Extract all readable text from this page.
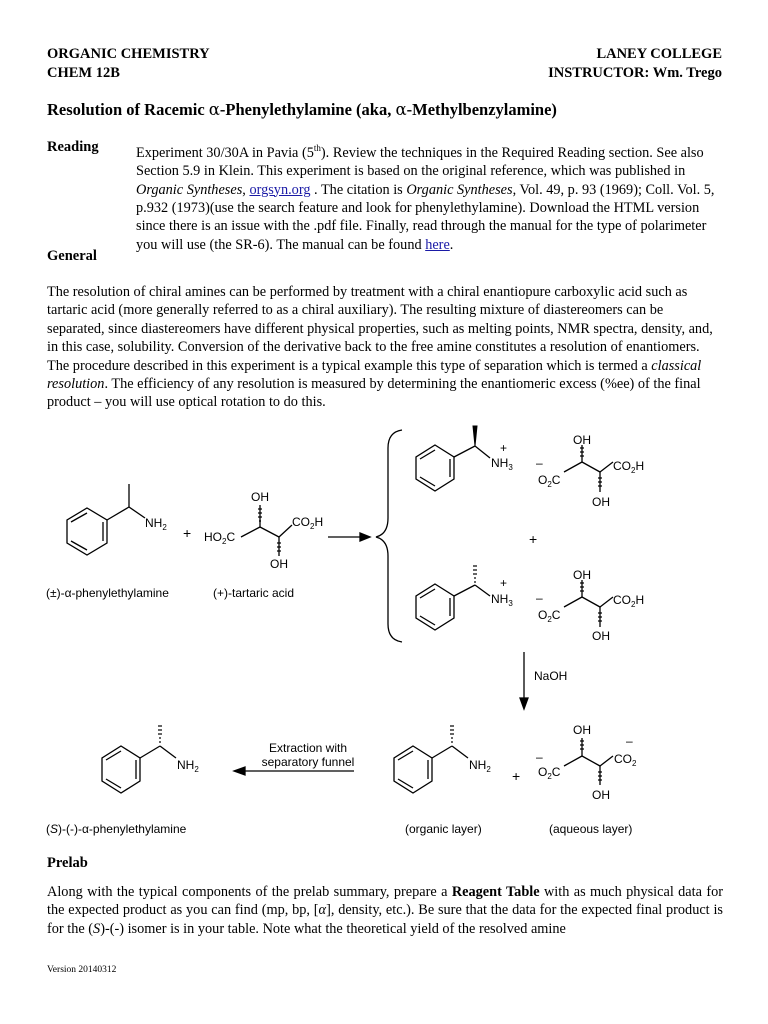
ORGANIC CHEMISTRY
CHEM 12B
LANEY COLLEGE
INSTRUCTOR: Wm. Trego
Resolution of Racemic α-Phenylethylamine (aka, α-Methylbenzylamine)
Reading	Experiment 30/30A in Pavia (5th). Review the techniques in the Required Reading section. See also Section 5.9 in Klein. This experiment is based on the original reference, which was published in Organic Syntheses, orgsyn.org . The citation is Organic Syntheses, Vol. 49, p. 93 (1969); Coll. Vol. 5, p.932 (1973)(use the search feature and look for phenylethylamine). Download the HTML version since there is an issue with the .pdf file. Finally, read through the manual for the type of polarimeter you will use (the SR-6). The manual can be found here.
General
The resolution of chiral amines can be performed by treatment with a chiral enantiopure carboxylic acid such as tartaric acid (more generally referred to as a chiral auxiliary). The resulting mixture of diastereomers can be separated, since diastereomers have different physical properties, such as melting points, NMR spectra, density, and, in this case, solubility. Conversion of the derivative back to the free amine constitutes a resolution of enantiomers. The procedure described in this experiment is a typical example this type of separation which is termed a classical resolution. The efficiency of any resolution is measured by determining the enantiomeric excess (%ee) of the final product – you will use optical rotation to do this.
$NH_2$ +
OH
$CO_2H$
$HO_2C$
OH
+
$NH_3$ –
OH
$CO_2H$
$O_2C$
OH
+
+
$NH_3$ –
OH
$CO_2H$
$O_2C$
OH
NaOH
$NH_2$ +
OH
–
–	$CO_2$
$O_2C$
OH
$NH_2$
Extraction with
separatory funnel
(±)-α-phenylethylamine	(+)-tartaric acid
(organic layer)	(aqueous layer)
(S)-(-)-α-phenylethylamine
Prelab
Along with the typical components of the prelab summary, prepare a Reagent Table with as much physical data for the expected product as you can find (mp, bp, [α], density, etc.). Be sure that the data for the expected final product is for the (S)-(-) isomer is in your table. Note what the theoretical yield of the resolved amine
Version 20140312
